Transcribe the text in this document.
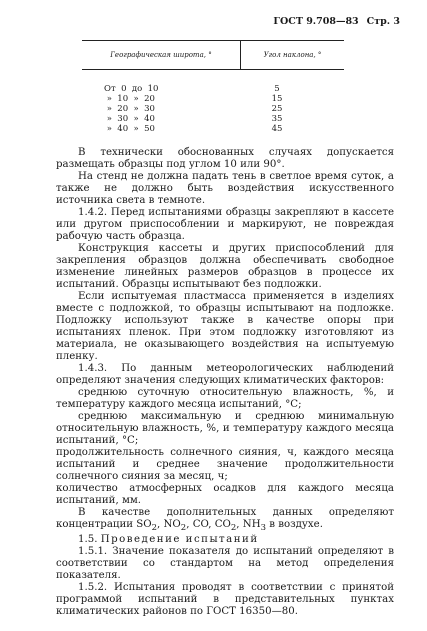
ГОСТ 9.708—83 Стр. 3
Географическая широта, °	Угол наклона, °
От  0  до  10	5
»  10  »  20	15
»  20  »  30	25
»  30  »  40	35
»  40  »  50	45

В технически обоснованных случаях допускается размещать образцы под углом 10 или 90°.

На стенд не должна падать тень в светлое время суток, а также не должно быть воздействия искусственного источника света в темноте.

1.4.2. Перед испытаниями образцы закрепляют в кассете или другом приспособлении и маркируют, не повреждая рабочую часть образца.

Конструкция кассеты и других приспособлений для закрепления образцов должна обеспечивать свободное изменение линейных размеров образцов в процессе их испытаний. Образцы испытывают без подложки.

Если испытуемая пластмасса применяется в изделиях вместе с подложкой, то образцы испытывают на подложке. Подложку используют также в качестве опоры при испытаниях пленок. При этом подложку изготовляют из материала, не оказывающего воздействия на испытуемую пленку.

1.4.3. По данным метеорологических наблюдений определяют значения следующих климатических факторов:

среднюю суточную относительную влажность, %, и температуру каждого месяца испытаний, °С;

среднюю максимальную и среднюю минимальную относительную влажность, %, и температуру каждого месяца испытаний, °С;

продолжительность солнечного сияния, ч, каждого месяца испытаний и среднее значение продолжительности солнечного сияния за месяц, ч;

количество атмосферных осадков для каждого месяца испытаний, мм.

В качестве дополнительных данных определяют концентрации $SO_2$, $NO_2$, CO, $CO_2$, $NH_3$ в воздухе.

1.5. Проведение испытаний

1.5.1. Значение показателя до испытаний определяют в соответствии со стандартом на метод определения показателя.

1.5.2. Испытания проводят в соответствии с принятой программой испытаний в представительных пунктах климатических районов по ГОСТ 16350—80.
